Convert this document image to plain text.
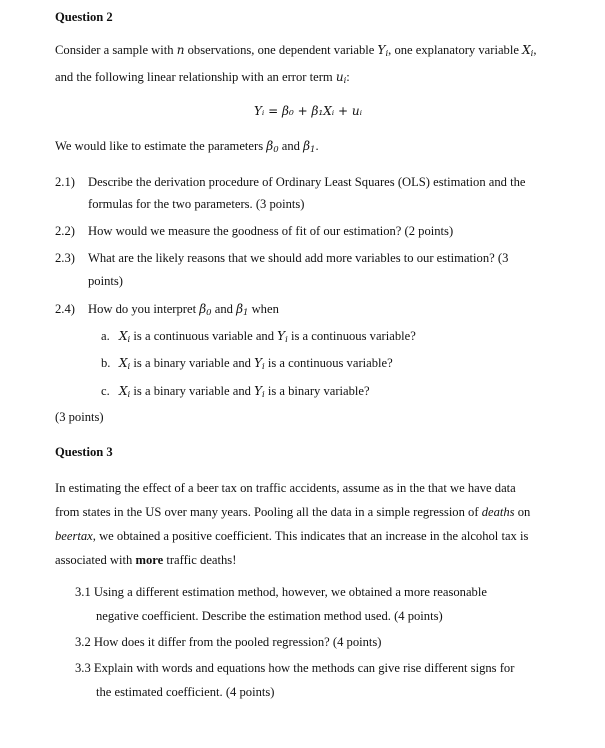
Question 2
Consider a sample with n observations, one dependent variable $Y_i$, one explanatory variable $X_i$,
and the following linear relationship with an error term $u_i$:
Yᵢ = β₀ + β₁Xᵢ + uᵢ
We would like to estimate the parameters $\beta_0$ and $\beta_1$.
2.1) Describe the derivation procedure of Ordinary Least Squares (OLS) estimation and the
formulas for the two parameters. (3 points)
2.2) How would we measure the goodness of fit of our estimation? (2 points)
2.3) What are the likely reasons that we should add more variables to our estimation? (3
points)
2.4) How do you interpret $\beta_0$ and $\beta_1$ when
a. $X_i$ is a continuous variable and $Y_i$ is a continuous variable?
b. $X_i$ is a binary variable and $Y_i$ is a continuous variable?
c. $X_i$ is a binary variable and $Y_i$ is a binary variable?
(3 points)
Question 3
In estimating the effect of a beer tax on traffic accidents, assume as in the that we have data
from states in the US over many years. Pooling all the data in a simple regression of deaths on
beertax, we obtained a positive coefficient. This indicates that an increase in the alcohol tax is
associated with more traffic deaths!
3.1 Using a different estimation method, however, we obtained a more reasonable
negative coefficient. Describe the estimation method used. (4 points)
3.2 How does it differ from the pooled regression? (4 points)
3.3 Explain with words and equations how the methods can give rise different signs for
the estimated coefficient. (4 points)
